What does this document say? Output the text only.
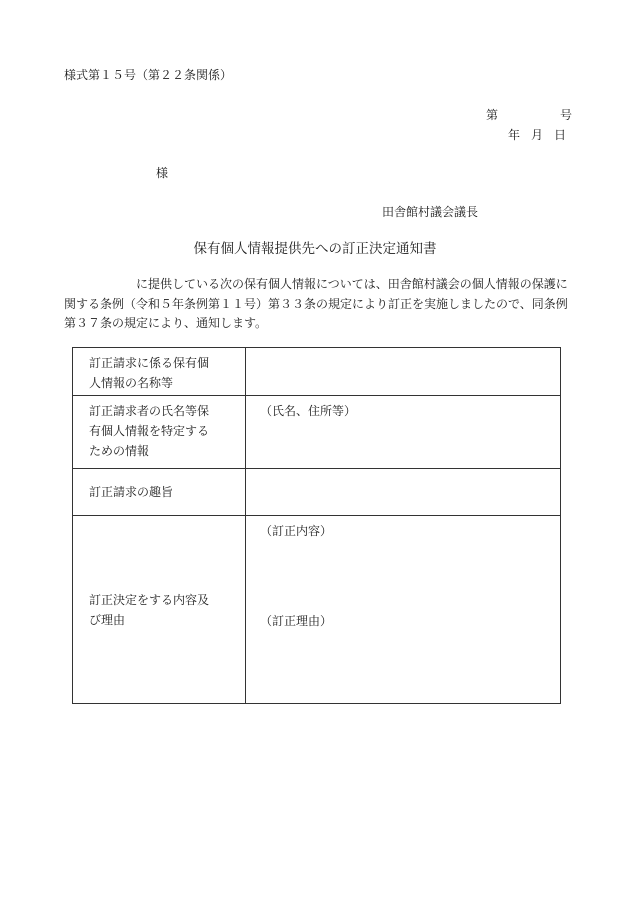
様式第１５号（第２２条関係）
第	号
年 月 日
様
田舎館村議会議長
保有個人情報提供先への訂正決定通知書
に提供している次の保有個人情報については、田舎館村議会の個人情報の保護に関する条例（令和５年条例第１１号）第３３条の規定により訂正を実施しましたので、同条例第３７条の規定により、通知します。
訂正請求に係る保有個
人情報の名称等	

訂正請求者の氏名等保
有個人情報を特定する
ための情報	（氏名、住所等）

訂正請求の趣旨	

訂正決定をする内容及
び理由	（訂正内容）
（訂正理由）
